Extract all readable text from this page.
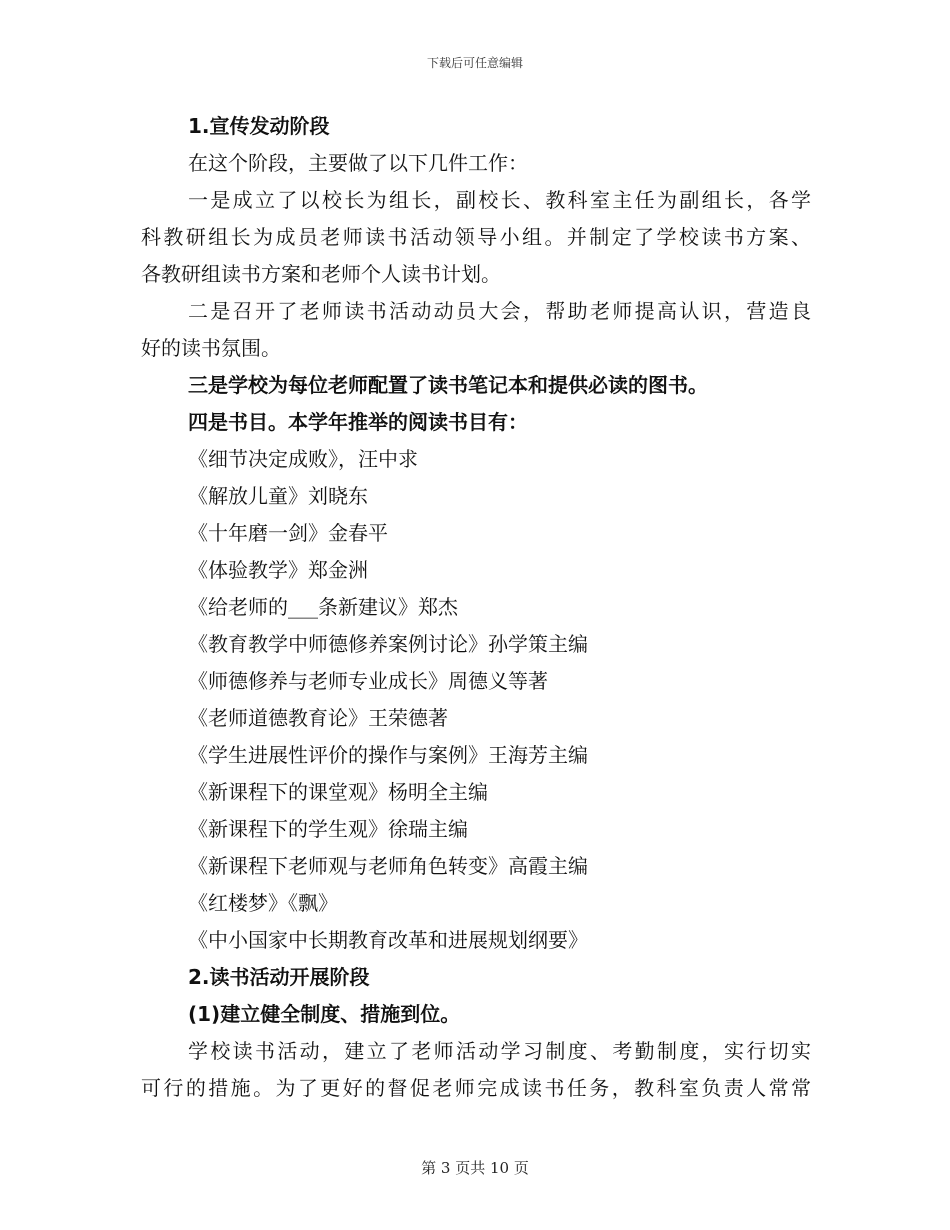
下载后可任意编辑
1.宣传发动阶段
在这个阶段，主要做了以下几件工作：
一是成立了以校长为组长，副校长、教科室主任为副组长，各学
科教研组长为成员老师读书活动领导小组。并制定了学校读书方案、
各教研组读书方案和老师个人读书计划。
二是召开了老师读书活动动员大会，帮助老师提高认识，营造良
好的读书氛围。
三是学校为每位老师配置了读书笔记本和提供必读的图书。
四是书目。本学年推举的阅读书目有：
《细节决定成败》，汪中求
《解放儿童》刘晓东
《十年磨一剑》金春平
《体验教学》郑金洲
《给老师的___条新建议》郑杰
《教育教学中师德修养案例讨论》孙学策主编
《师德修养与老师专业成长》周德义等著
《老师道德教育论》王荣德著
《学生进展性评价的操作与案例》王海芳主编
《新课程下的课堂观》杨明全主编
《新课程下的学生观》徐瑞主编
《新课程下老师观与老师角色转变》高霞主编
《红楼梦》《飘》
《中小国家中长期教育改革和进展规划纲要》
2.读书活动开展阶段
(1)建立健全制度、措施到位。
学校读书活动，建立了老师活动学习制度、考勤制度，实行切实
可行的措施。为了更好的督促老师完成读书任务，教科室负责人常常
第 3 页共 10 页
